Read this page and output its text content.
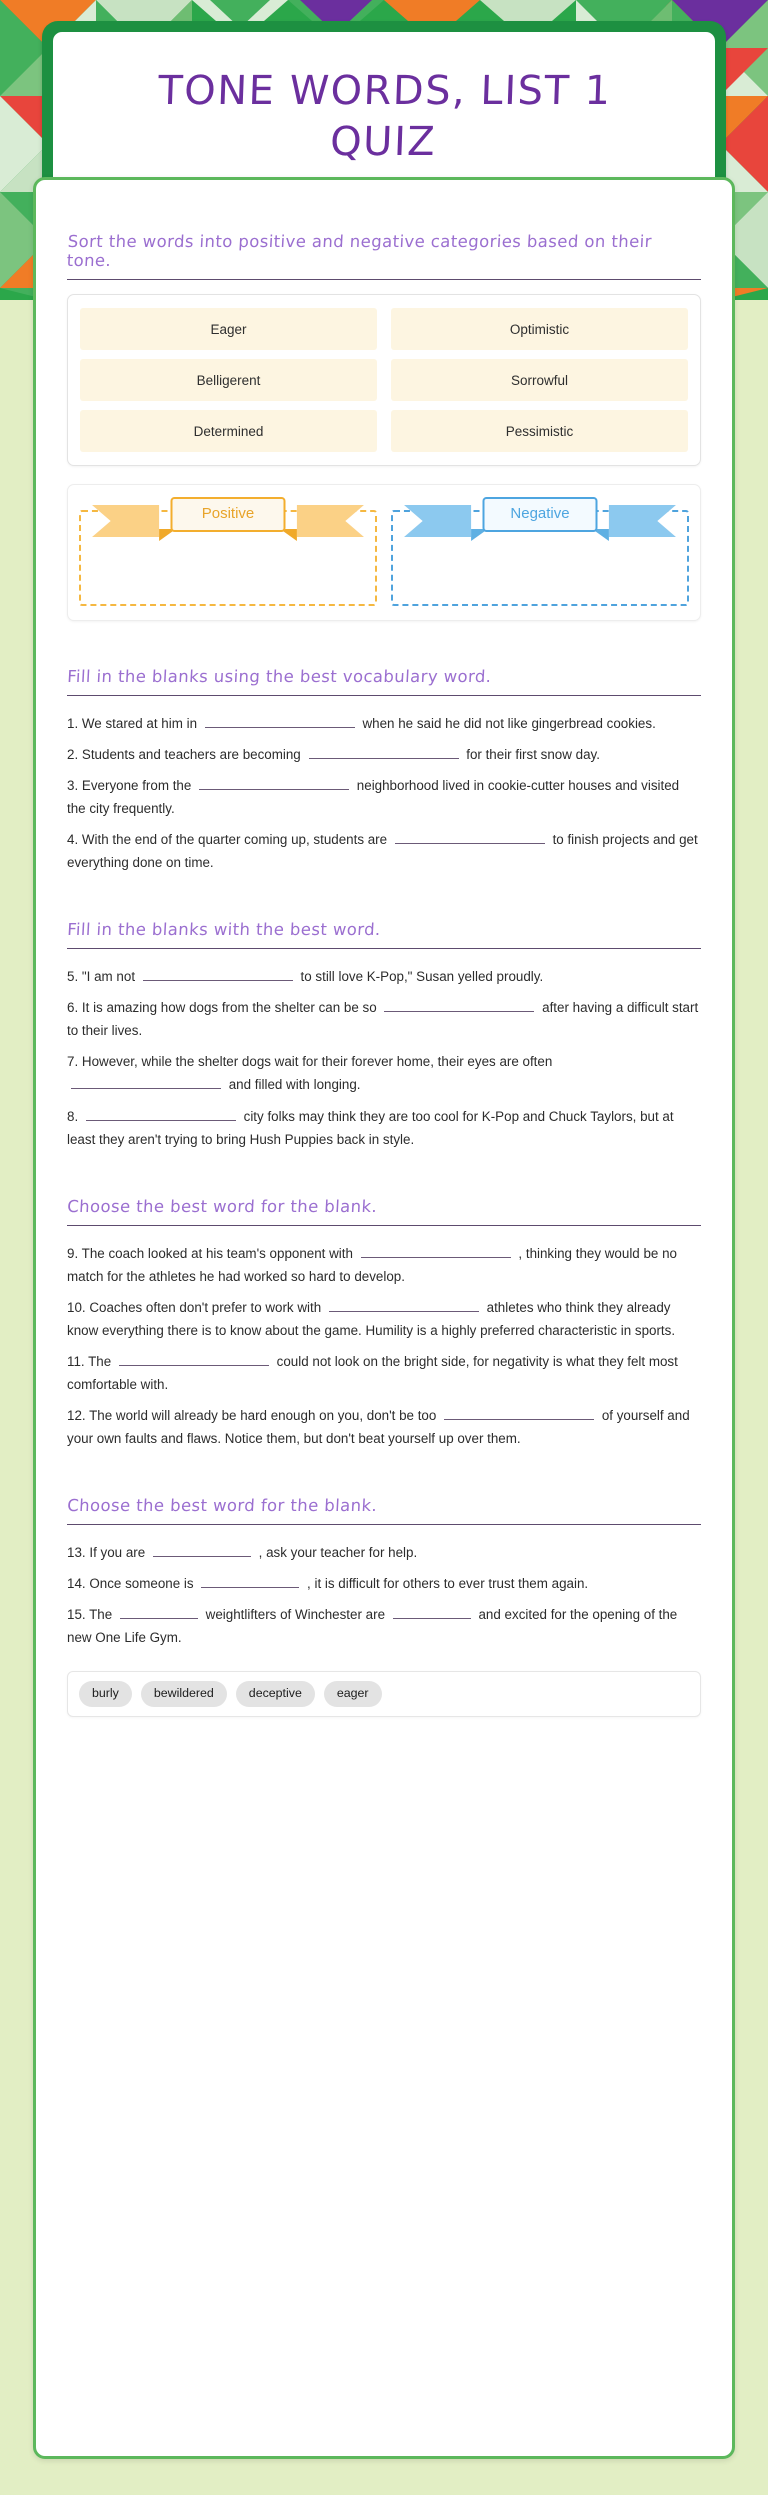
TONE WORDS, LIST 1 QUIZ
Sort the words into positive and negative categories based on their tone.
Eager	Optimistic
Belligerent	Sorrowful
Determined	Pessimistic
Positive	Negative
Fill in the blanks using the best vocabulary word.

1. We stared at him in	when he said he did not like gingerbread cookies.

2. Students and teachers are becoming	for their first snow day.

3. Everyone from the	neighborhood lived in cookie-cutter houses and visited the city frequently.

4. With the end of the quarter coming up, students are	to finish projects and get everything done on time.

Fill in the blanks with the best word.

5. "I am not	to still love K-Pop," Susan yelled proudly.

6. It is amazing how dogs from the shelter can be so	after having a difficult start to their lives.

7. However, while the shelter dogs wait for their forever home, their eyes are often  and filled with longing.

8.	city folks may think they are too cool for K-Pop and Chuck Taylors, but at least they aren't trying to bring Hush Puppies back in style.

Choose the best word for the blank.

9. The coach looked at his team's opponent with	, thinking they would be no match for the athletes he had worked so hard to develop.

10. Coaches often don't prefer to work with	athletes who think they already know everything there is to know about the game. Humility is a highly preferred characteristic in sports.

11. The	could not look on the bright side, for negativity is what they felt most comfortable with.

12. The world will already be hard enough on you, don't be too	of yourself and your own faults and flaws. Notice them, but don't beat yourself up over them.

Choose the best word for the blank.

13. If you are	, ask your teacher for help.

14. Once someone is	, it is difficult for others to ever trust them again.

15. The	weightlifters of Winchester are	and excited for the opening of the new One Life Gym.

burly	bewildered	deceptive	eager
